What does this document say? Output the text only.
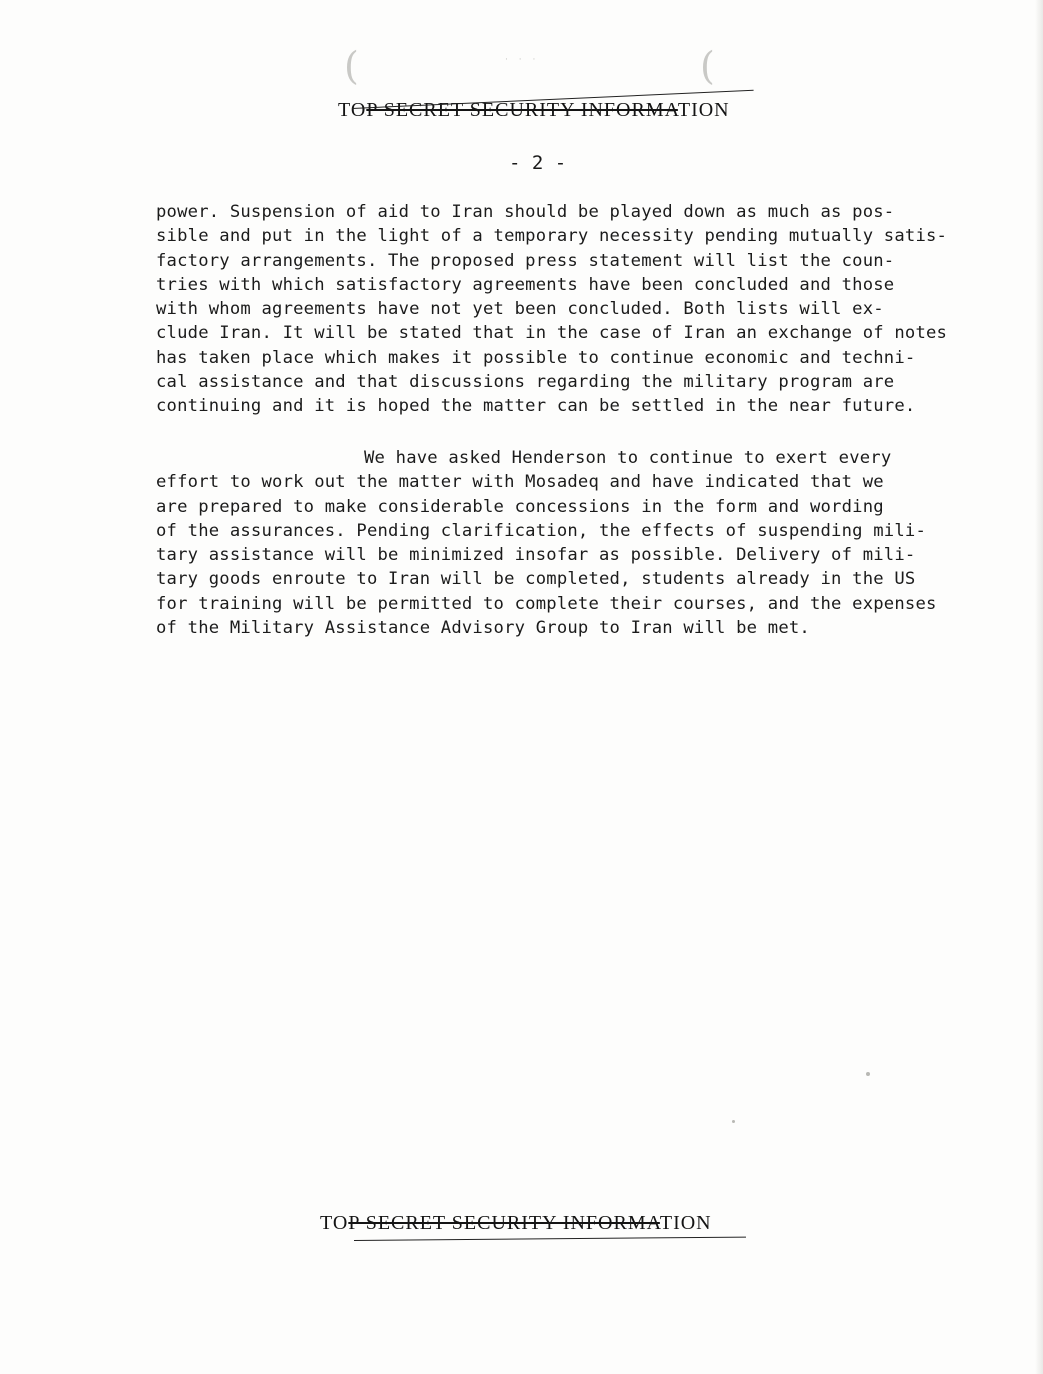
(	(
· · ·
TOP SECRET SECURITY INFORMATION
- 2 -
power. Suspension of aid to Iran should be played down as much as pos-
sible and put in the light of a temporary necessity pending mutually satis-
factory arrangements. The proposed press statement will list the coun-
tries with which satisfactory agreements have been concluded and those
with whom agreements have not yet been concluded. Both lists will ex-
clude Iran. It will be stated that in the case of Iran an exchange of notes
has taken place which makes it possible to continue economic and techni-
cal assistance and that discussions regarding the military program are
continuing and it is hoped the matter can be settled in the near future.
We have asked Henderson to continue to exert every
effort to work out the matter with Mosadeq and have indicated that we
are prepared to make considerable concessions in the form and wording
of the assurances. Pending clarification, the effects of suspending mili-
tary assistance will be minimized insofar as possible. Delivery of mili-
tary goods enroute to Iran will be completed, students already in the US
for training will be permitted to complete their courses, and the expenses
of the Military Assistance Advisory Group to Iran will be met.
TOP SECRET SECURITY INFORMATION
